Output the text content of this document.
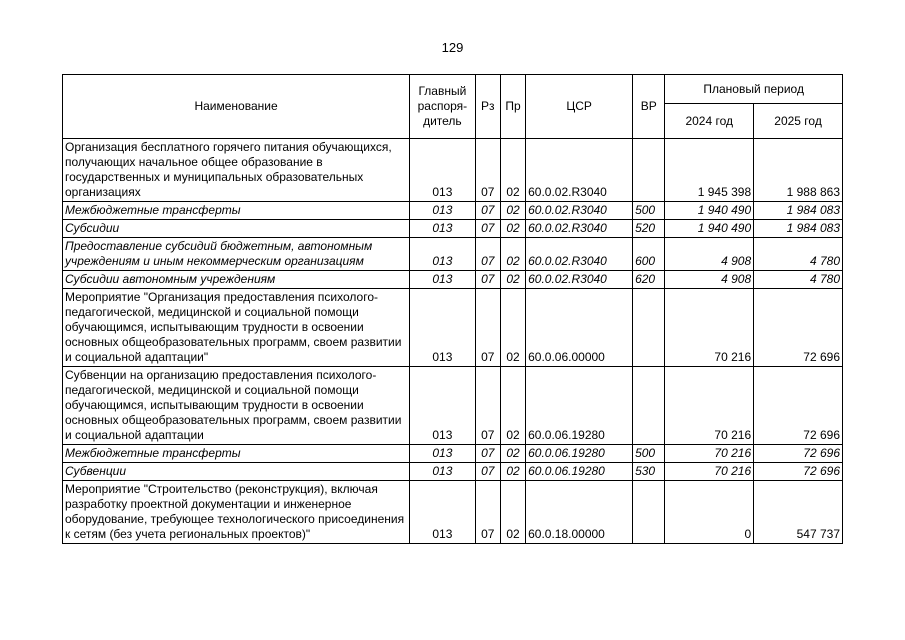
129
Наименование	Главный распоря-дитель	Рз	Пр	ЦСР	ВР	Плановый период	
						2024 год	2025 год
Организация бесплатного горячего питания обучающихся, получающих начальное общее образование в государственных и муниципальных образовательных организациях	013	07	02	60.0.02.R3040		1 945 398	1 988 863
Межбюджетные трансферты	013	07	02	60.0.02.R3040	500	1 940 490	1 984 083
Субсидии	013	07	02	60.0.02.R3040	520	1 940 490	1 984 083
Предоставление субсидий бюджетным, автономным учреждениям и иным некоммерческим организациям	013	07	02	60.0.02.R3040	600	4 908	4 780
Субсидии автономным учреждениям	013	07	02	60.0.02.R3040	620	4 908	4 780
Мероприятие "Организация предоставления психолого-педагогической, медицинской и социальной помощи обучающимся, испытывающим трудности в освоении основных общеобразовательных программ, своем развитии и социальной адаптации"	013	07	02	60.0.06.00000		70 216	72 696
Субвенции на организацию предоставления психолого-педагогической, медицинской и социальной помощи обучающимся, испытывающим трудности в освоении основных общеобразовательных программ, своем развитии и социальной адаптации	013	07	02	60.0.06.19280		70 216	72 696
Межбюджетные трансферты	013	07	02	60.0.06.19280	500	70 216	72 696
Субвенции	013	07	02	60.0.06.19280	530	70 216	72 696
Мероприятие "Строительство (реконструкция), включая разработку проектной документации и инженерное оборудование, требующее технологического присоединения к сетям (без учета региональных проектов)"	013	07	02	60.0.18.00000		0	547 737
